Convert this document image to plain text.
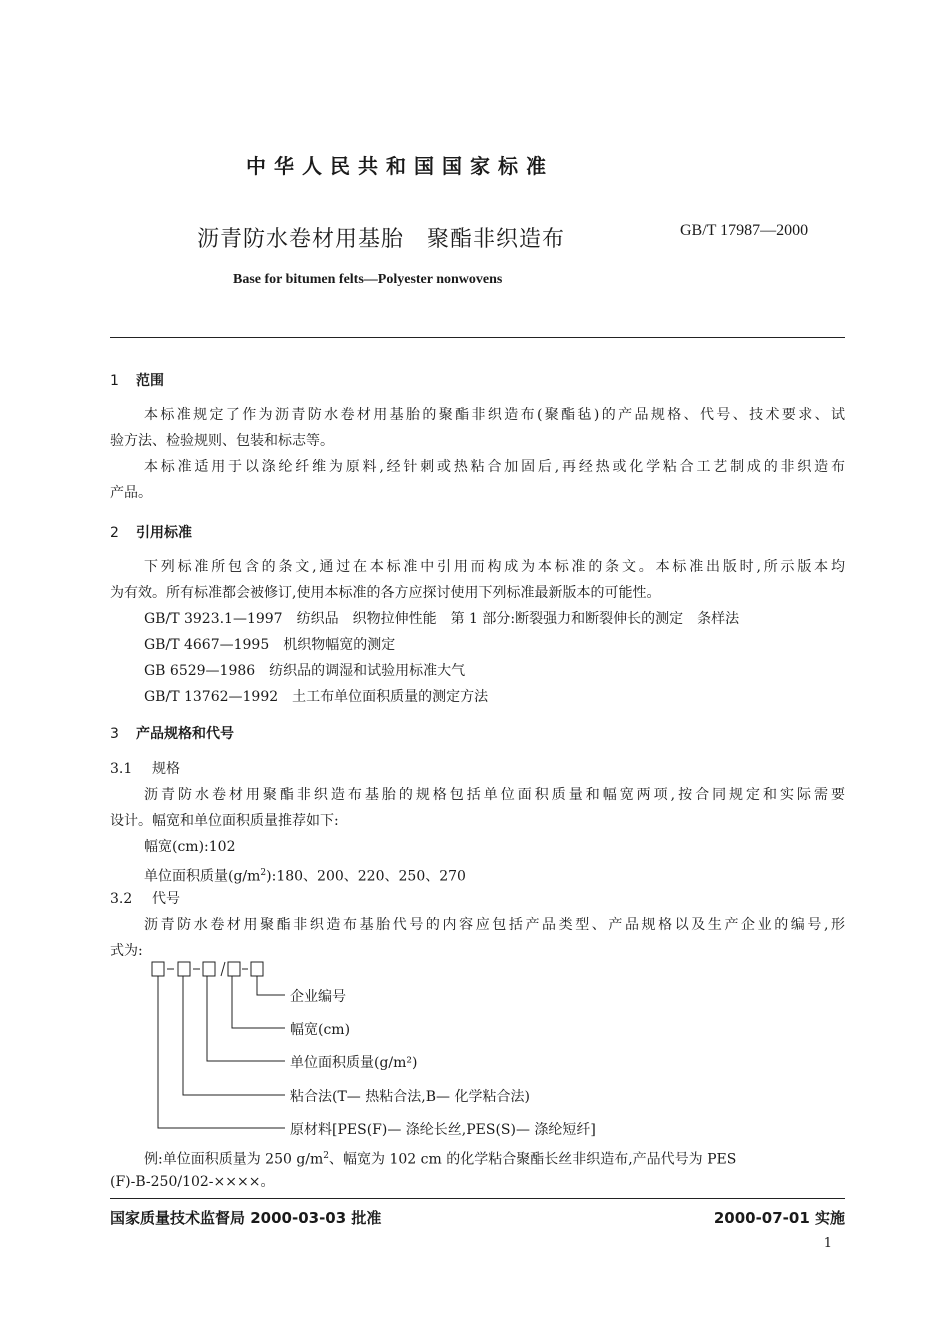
中华人民共和国国家标准
沥青防水卷材用基胎　聚酯非织造布	GB/T 17987—2000
Base for bitumen felts—Polyester nonwovens
1 范围
本标准规定了作为沥青防水卷材用基胎的聚酯非织造布(聚酯毡)的产品规格、代号、技术要求、试
验方法、检验规则、包装和标志等。
本标准适用于以涤纶纤维为原料,经针刺或热粘合加固后,再经热或化学粘合工艺制成的非织造布
产品。
2 引用标准
下列标准所包含的条文,通过在本标准中引用而构成为本标准的条文。本标准出版时,所示版本均
为有效。所有标准都会被修订,使用本标准的各方应探讨使用下列标准最新版本的可能性。
GB/T 3923.1—1997　纺织品　织物拉伸性能　第 1 部分:断裂强力和断裂伸长的测定　条样法
GB/T 4667—1995　机织物幅宽的测定
GB 6529—1986　纺织品的调湿和试验用标准大气
GB/T 13762—1992　土工布单位面积质量的测定方法
3 产品规格和代号
3.1 规格
沥青防水卷材用聚酯非织造布基胎的规格包括单位面积质量和幅宽两项,按合同规定和实际需要
设计。幅宽和单位面积质量推荐如下:
幅宽(cm):102
单位面积质量$(g/m^2):180$、200、220、250、270
3.2 代号
沥青防水卷材用聚酯非织造布基胎代号的内容应包括产品类型、产品规格以及生产企业的编号,形
式为:
企业编号
幅宽(cm)
单位面积质量(g/m²)
粘合法(T— 热粘合法,B— 化学粘合法)
原材料[PES(F)— 涤纶长丝,PES(S)— 涤纶短纤]
例:单位面积质量为 250 $g/m^2$、幅宽为 102 cm 的化学粘合聚酯长丝非织造布,产品代号为 PES
(F)-B-250/102-××××。
国家质量技术监督局 2000-03-03 批准	2000-07-01 实施
1
